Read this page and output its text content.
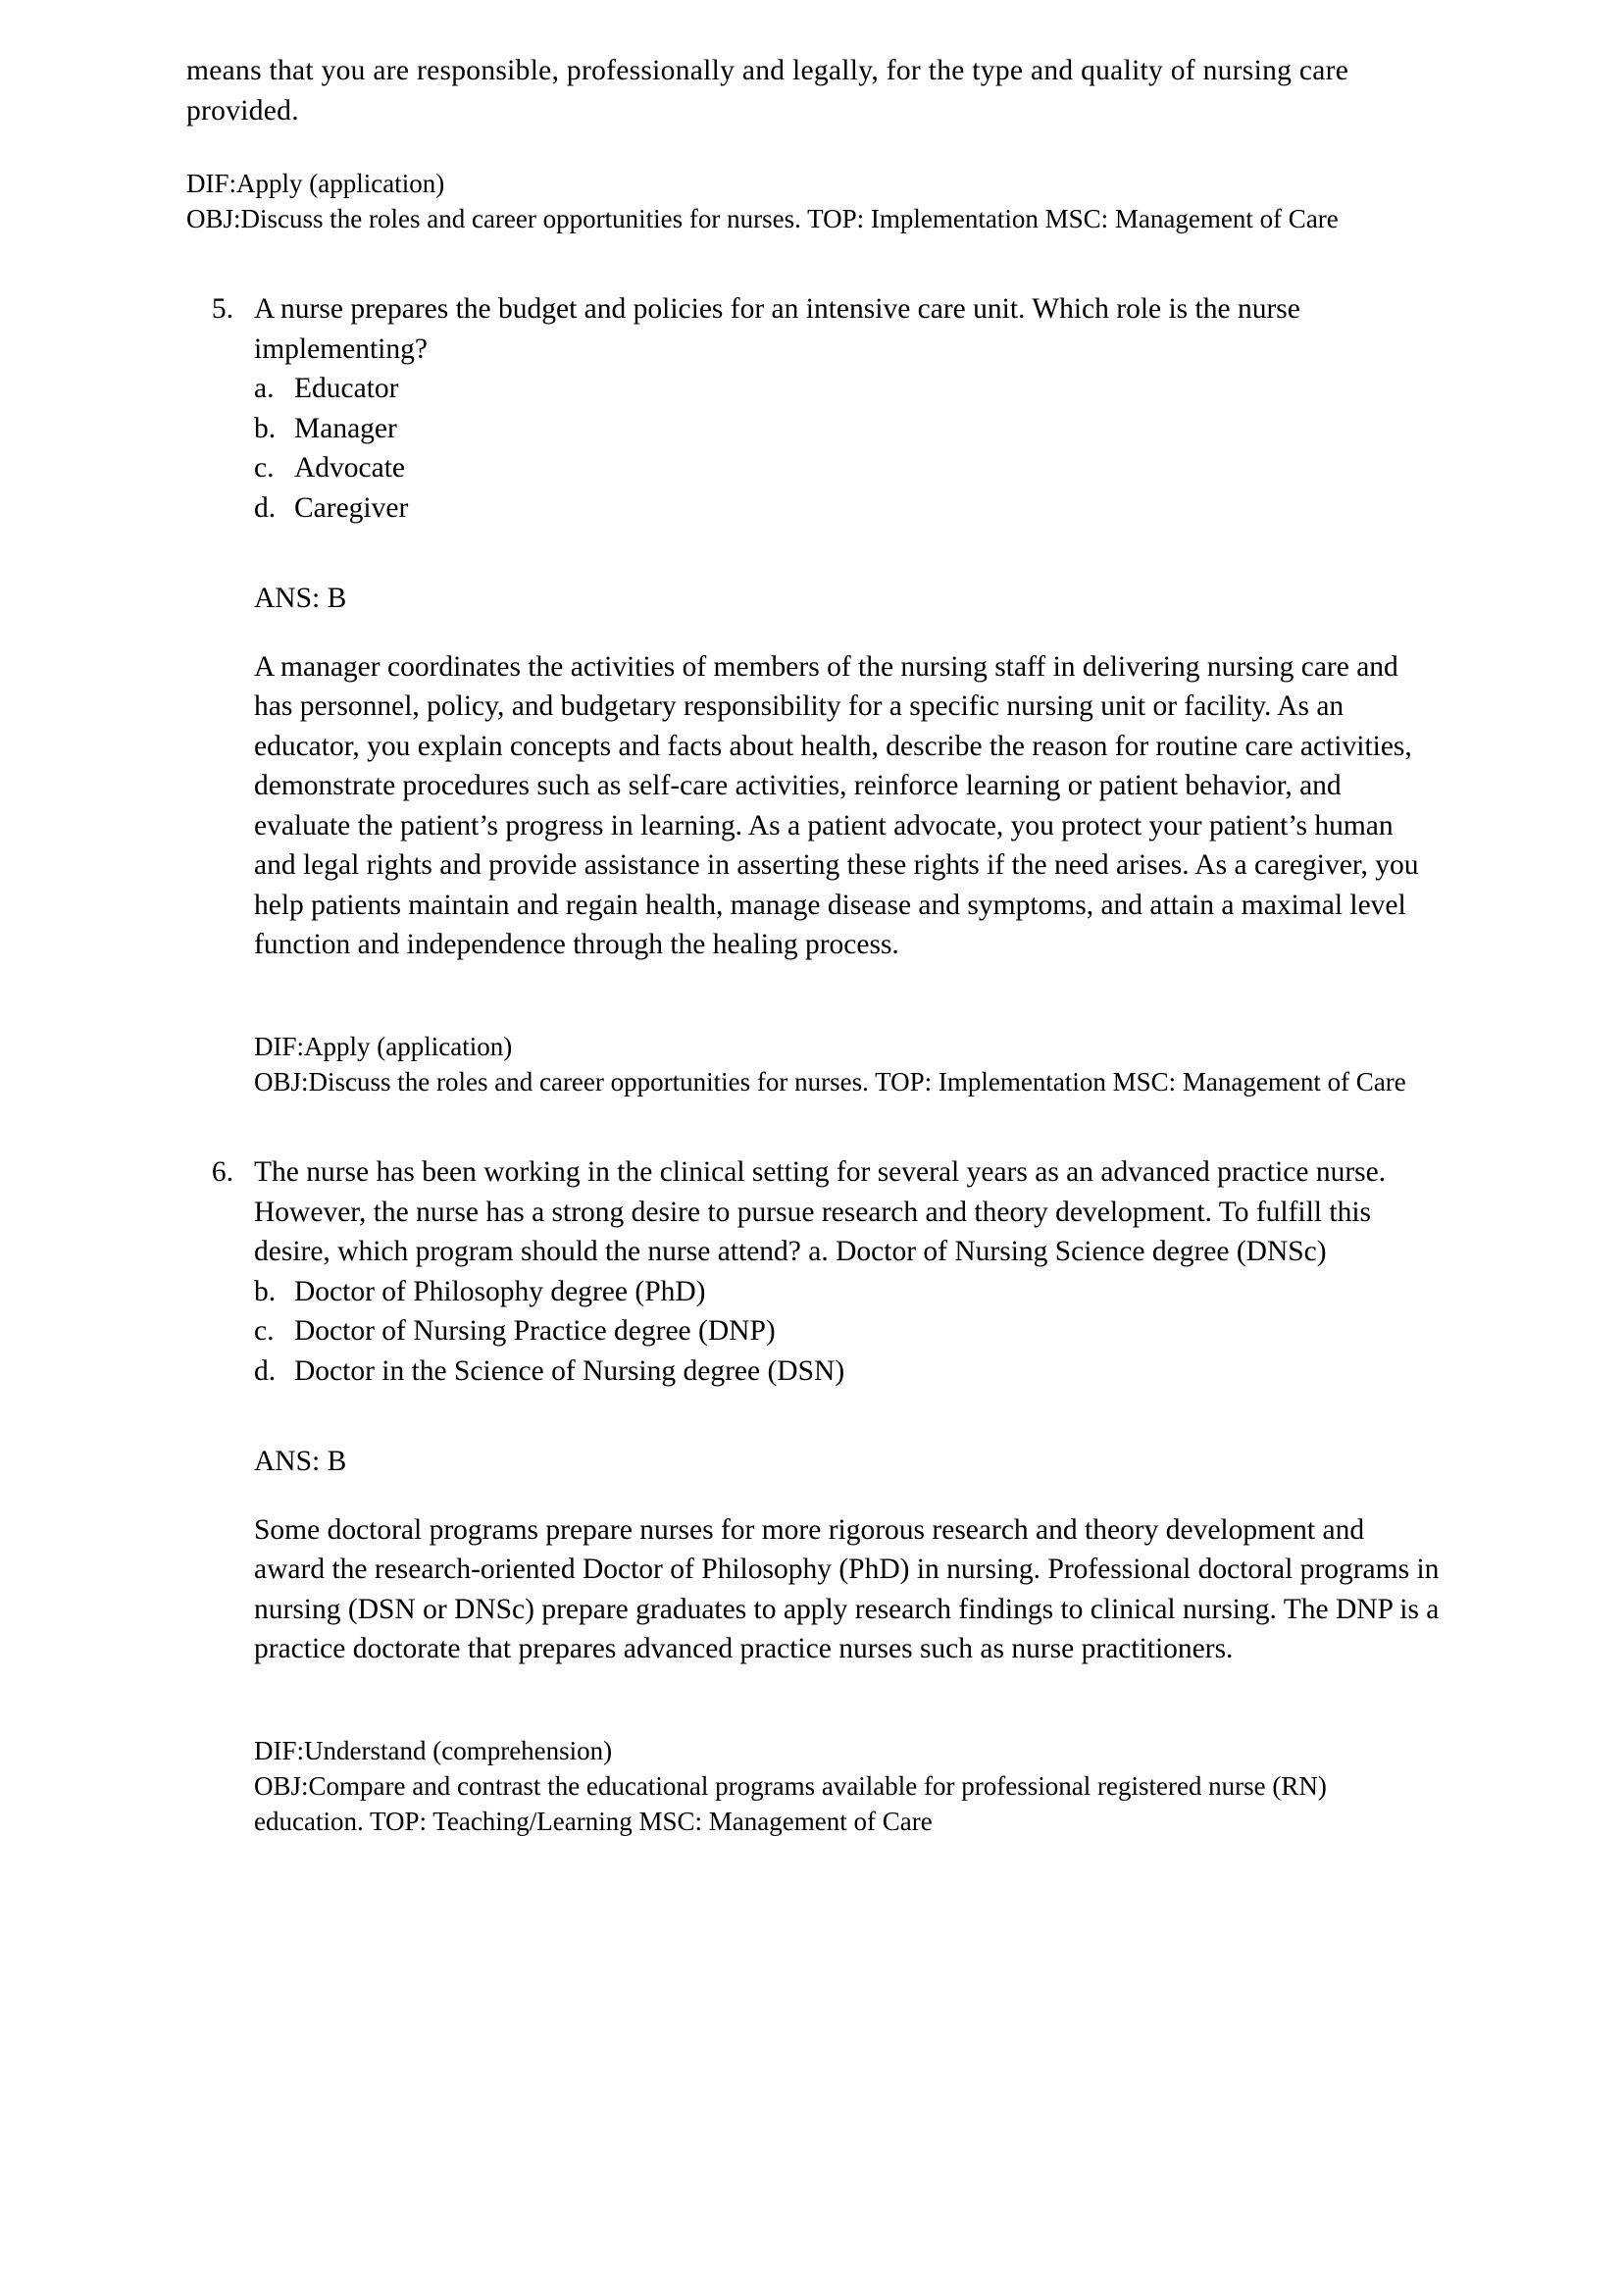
means that you are responsible, professionally and legally, for the type and quality of nursing care provided.

DIF:Apply (application)

OBJ:Discuss the roles and career opportunities for nurses. TOP: Implementation MSC: Management of Care

5. A nurse prepares the budget and policies for an intensive care unit. Which role is the nurse implementing?
a. Educator
b. Manager
c. Advocate
d. Caregiver

ANS: B

A manager coordinates the activities of members of the nursing staff in delivering nursing care and has personnel, policy, and budgetary responsibility for a specific nursing unit or facility. As an educator, you explain concepts and facts about health, describe the reason for routine care activities, demonstrate procedures such as self-care activities, reinforce learning or patient behavior, and evaluate the patient’s progress in learning. As a patient advocate, you protect your patient’s human and legal rights and provide assistance in asserting these rights if the need arises. As a caregiver, you help patients maintain and regain health, manage disease and symptoms, and attain a maximal level function and independence through the healing process.

DIF:Apply (application)

OBJ:Discuss the roles and career opportunities for nurses. TOP: Implementation MSC: Management of Care

6. The nurse has been working in the clinical setting for several years as an advanced practice nurse. However, the nurse has a strong desire to pursue research and theory development. To fulfill this desire, which program should the nurse attend? a. Doctor of Nursing Science degree (DNSc)
b. Doctor of Philosophy degree (PhD)
c. Doctor of Nursing Practice degree (DNP)
d. Doctor in the Science of Nursing degree (DSN)

ANS: B

Some doctoral programs prepare nurses for more rigorous research and theory development and award the research-oriented Doctor of Philosophy (PhD) in nursing. Professional doctoral programs in nursing (DSN or DNSc) prepare graduates to apply research findings to clinical nursing. The DNP is a practice doctorate that prepares advanced practice nurses such as nurse practitioners.

DIF:Understand (comprehension)

OBJ:Compare and contrast the educational programs available for professional registered nurse (RN) education. TOP: Teaching/Learning MSC: Management of Care
